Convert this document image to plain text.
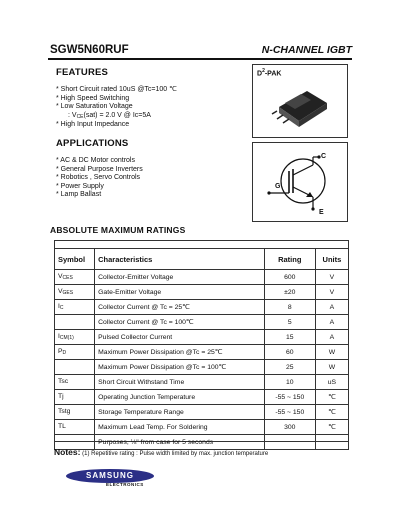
SGW5N60RUF	N-CHANNEL IGBT
FEATURES
* Short Circuit rated 10uS @Tc=100 ℃
* High Speed Switching
* Low Saturation Voltage
: $V_{CE}(sat) = 2.0$ V @ Ic=5A
* High Input Impedance
APPLICATIONS
* AC & DC Motor controls
* General Purpose Inverters
* Robotics , Servo Controls
* Power Supply
* Lamp Ballast
$D^2$-PAK
C
G
E
ABSOLUTE MAXIMUM RATINGS
Symbol	Characteristics	Rating	Units
$V_{CES}$	Collector-Emitter Voltage	600	V
$V_{GES}$	Gate-Emitter Voltage	±20	V
$I_C$	Collector Current @ Tc = 25℃	8	A
	Collector Current @ Tc = 100℃	5	A
$I_{CM(1)}$	Pulsed Collector Current	15	A
$P_D$	Maximum Power Dissipation @Tc = 25℃	60	W
	Maximum Power Dissipation @Tc = 100℃	25	W
Tsc	Short Circuit Withstand Time	10	uS
Tj	Operating Junction Temperature	-55 ~ 150	℃
Tstg	Storage Temperature Range	-55 ~ 150	℃
TL	Maximum Lead Temp. For Soldering	300	℃
	Purposes, ⅛" from case for 5 seconds		
Notes: (1) Repetitive rating : Pulse width limited by max. junction temperature
SAMSUNG
ELECTRONICS
